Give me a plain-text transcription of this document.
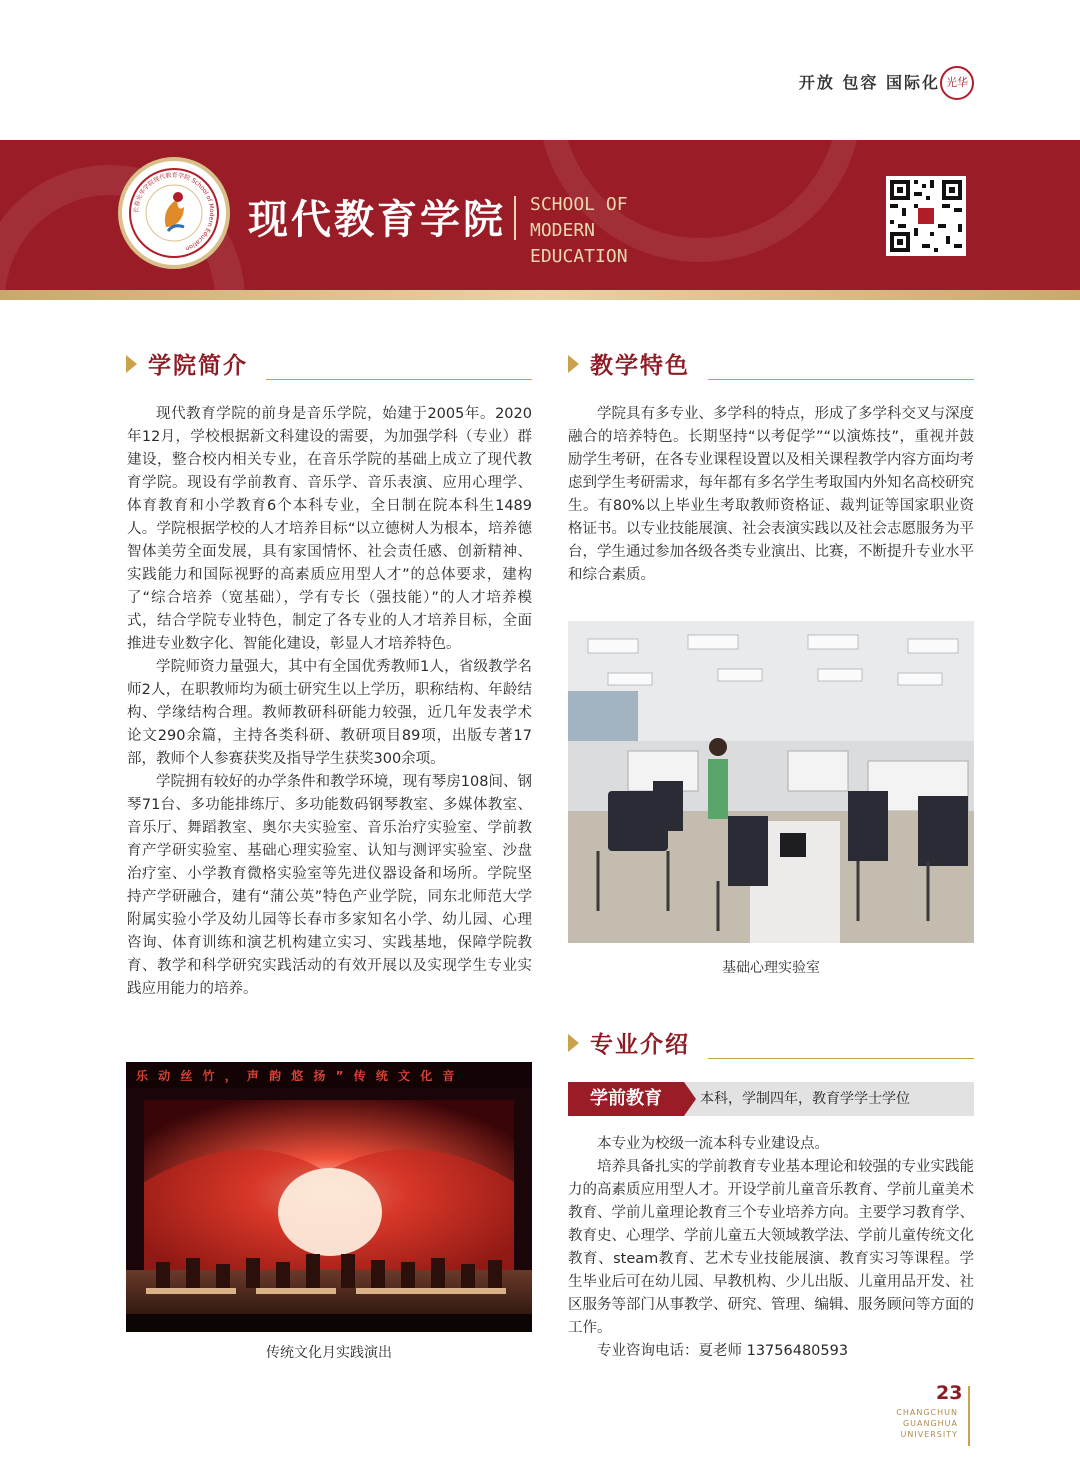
开放 包容 国际化 光华
长春光华学院现代教育学院 School of Modern Education
现代教育学院 SCHOOL OF MODERN
EDUCATION
学院简介

现代教育学院的前身是音乐学院，始建于2005年。2020年12月，学校根据新文科建设的需要，为加强学科（专业）群建设，整合校内相关专业，在音乐学院的基础上成立了现代教育学院。现设有学前教育、音乐学、音乐表演、应用心理学、体育教育和小学教育6个本科专业，全日制在院本科生1489人。学院根据学校的人才培养目标“以立德树人为根本，培养德智体美劳全面发展，具有家国情怀、社会责任感、创新精神、实践能力和国际视野的高素质应用型人才”的总体要求，建构了“综合培养（宽基础），学有专长（强技能）”的人才培养模式，结合学院专业特色，制定了各专业的人才培养目标，全面推进专业数字化、智能化建设，彰显人才培养特色。

学院师资力量强大，其中有全国优秀教师1人，省级教学名师2人，在职教师均为硕士研究生以上学历，职称结构、年龄结构、学缘结构合理。教师教研科研能力较强，近几年发表学术论文290余篇，主持各类科研、教研项目89项，出版专著17部，教师个人参赛获奖及指导学生获奖300余项。

学院拥有较好的办学条件和教学环境，现有琴房108间、钢琴71台、多功能排练厅、多功能数码钢琴教室、多媒体教室、音乐厅、舞蹈教室、奥尔夫实验室、音乐治疗实验室、学前教育产学研实验室、基础心理实验室、认知与测评实验室、沙盘治疗室、小学教育微格实验室等先进仪器设备和场所。学院坚持产学研融合，建有“蒲公英”特色产业学院，同东北师范大学附属实验小学及幼儿园等长春市多家知名小学、幼儿园、心理咨询、体育训练和演艺机构建立实习、实践基地，保障学院教育、教学和科学研究实践活动的有效开展以及实现学生专业实践应用能力的培养。

乐 动 丝 竹 ， 声 韵 悠 扬 ” 传 统 文 化 音
传统文化月实践演出
教学特色

学院具有多专业、多学科的特点，形成了多学科交叉与深度融合的培养特色。长期坚持“以考促学”“以演炼技”，重视并鼓励学生考研，在各专业课程设置以及相关课程教学内容方面均考虑到学生考研需求，每年都有多名学生考取国内外知名高校研究生。有80%以上毕业生考取教师资格证、裁判证等国家职业资格证书。以专业技能展演、社会表演实践以及社会志愿服务为平台，学生通过参加各级各类专业演出、比赛，不断提升专业水平和综合素质。

基础心理实验室
专业介绍
学前教育	本科，学制四年，教育学学士学位

本专业为校级一流本科专业建设点。

培养具备扎实的学前教育专业基本理论和较强的专业实践能力的高素质应用型人才。开设学前儿童音乐教育、学前儿童美术教育、学前儿童理论教育三个专业培养方向。主要学习教育学、教育史、心理学、学前儿童五大领域教学法、学前儿童传统文化教育、steam教育、艺术专业技能展演、教育实习等课程。学生毕业后可在幼儿园、早教机构、少儿出版、儿童用品开发、社区服务等部门从事教学、研究、管理、编辑、服务顾问等方面的工作。

专业咨询电话：夏老师 13756480593

23
CHANGCHUN
GUANGHUA UNIVERSITY
